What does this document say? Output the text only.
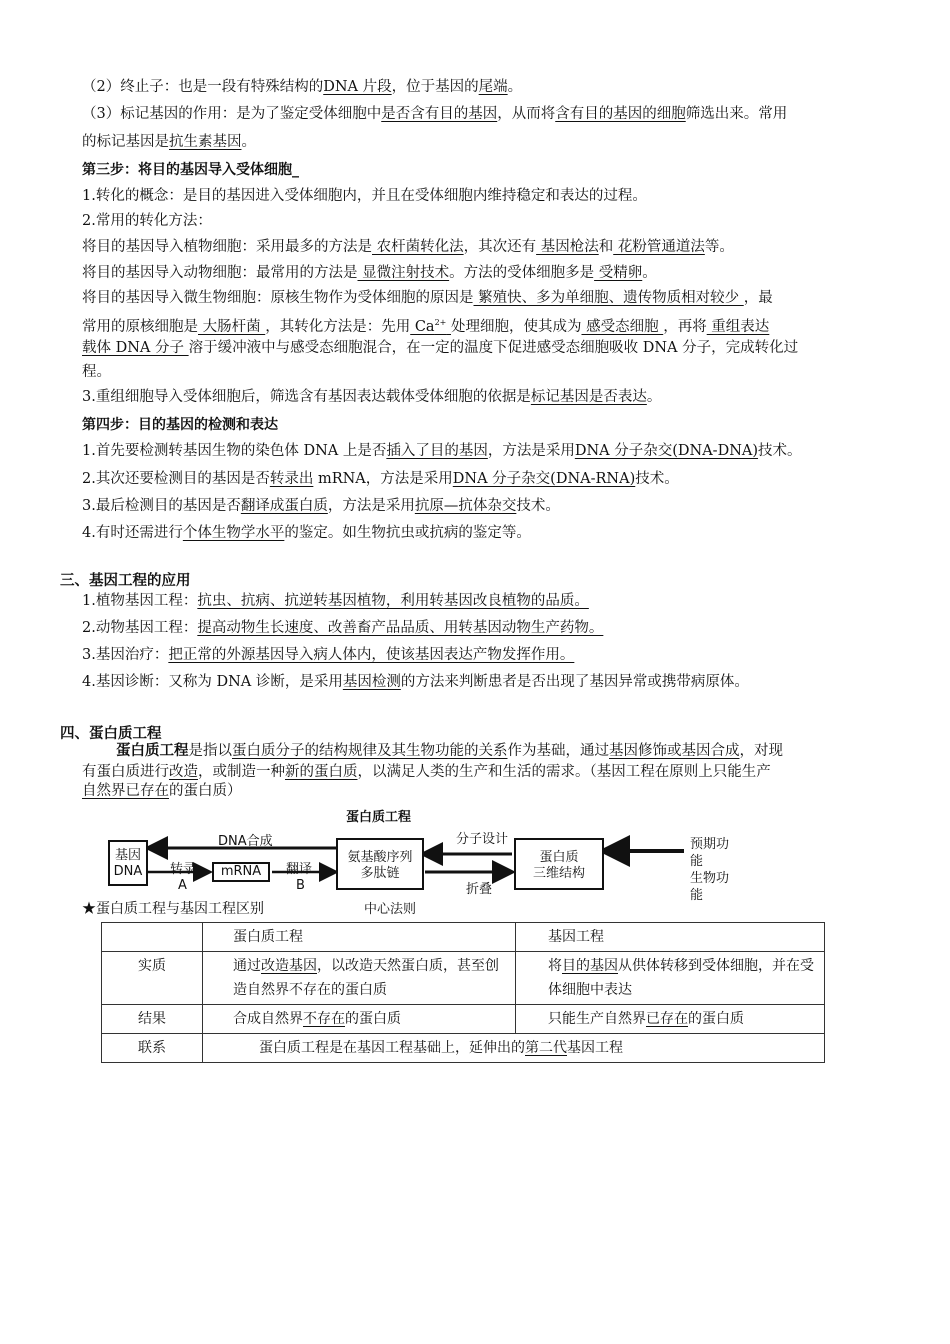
（2）终止子：也是一段有特殊结构的DNA 片段，位于基因的尾端。
（3）标记基因的作用：是为了鉴定受体细胞中是否含有目的基因，从而将含有目的基因的细胞筛选出来。常用
的标记基因是抗生素基因。
第三步：将目的基因导入受体细胞_
1.转化的概念：是目的基因进入受体细胞内，并且在受体细胞内维持稳定和表达的过程。
2.常用的转化方法：
将目的基因导入植物细胞：采用最多的方法是 农杆菌转化法，其次还有 基因枪法和 花粉管通道法等。
将目的基因导入动物细胞：最常用的方法是 显微注射技术。方法的受体细胞多是 受精卵。
将目的基因导入微生物细胞：原核生物作为受体细胞的原因是 繁殖快、多为单细胞、遗传物质相对较少 ，最
常用的原核细胞是 大肠杆菌 ，其转化方法是：先用 $Ca^{2+}$ 处理细胞，使其成为 感受态细胞 ，再将 重组表达
载体 DNA 分子 溶于缓冲液中与感受态细胞混合，在一定的温度下促进感受态细胞吸收 DNA 分子，完成转化过
程。
3.重组细胞导入受体细胞后，筛选含有基因表达载体受体细胞的依据是标记基因是否表达。
第四步：目的基因的检测和表达
1.首先要检测转基因生物的染色体 DNA 上是否插入了目的基因，方法是采用DNA 分子杂交(DNA-DNA)技术。
2.其次还要检测目的基因是否转录出 mRNA，方法是采用DNA 分子杂交(DNA-RNA)技术。
3.最后检测目的基因是否翻译成蛋白质，方法是采用抗原—抗体杂交技术。
4.有时还需进行个体生物学水平的鉴定。如生物抗虫或抗病的鉴定等。
三、基因工程的应用
1.植物基因工程：抗虫、抗病、抗逆转基因植物，利用转基因改良植物的品质。
2.动物基因工程：提高动物生长速度、改善畜产品品质、用转基因动物生产药物。
3.基因治疗：把正常的外源基因导入病人体内，使该基因表达产物发挥作用。
4.基因诊断：又称为 DNA 诊断，是采用基因检测的方法来判断患者是否出现了基因异常或携带病原体。
四、蛋白质工程
蛋白质工程是指以蛋白质分子的结构规律及其生物功能的关系作为基础，通过基因修饰或基因合成，对现
有蛋白质进行改造，或制造一种新的蛋白质，以满足人类的生产和生活的需求。（基因工程在原则上只能生产
自然界已存在的蛋白质）
蛋白质工程
DNA合成
基因
DNA	转录
A
mRNA	翻译
B
氨基酸序列
多肽链
分子设计
折叠
蛋白质
三维结构
预期功能
生物功能
中心法则
★蛋白质工程与基因工程区别
	蛋白质工程	基因工程
实质	通过改造基因，以改造天然蛋白质，甚至创造自然界不存在的蛋白质	将目的基因从供体转移到受体细胞，并在受体细胞中表达
结果	合成自然界不存在的蛋白质	只能生产自然界已存在的蛋白质
联系	蛋白质工程是在基因工程基础上，延伸出的第二代基因工程	
